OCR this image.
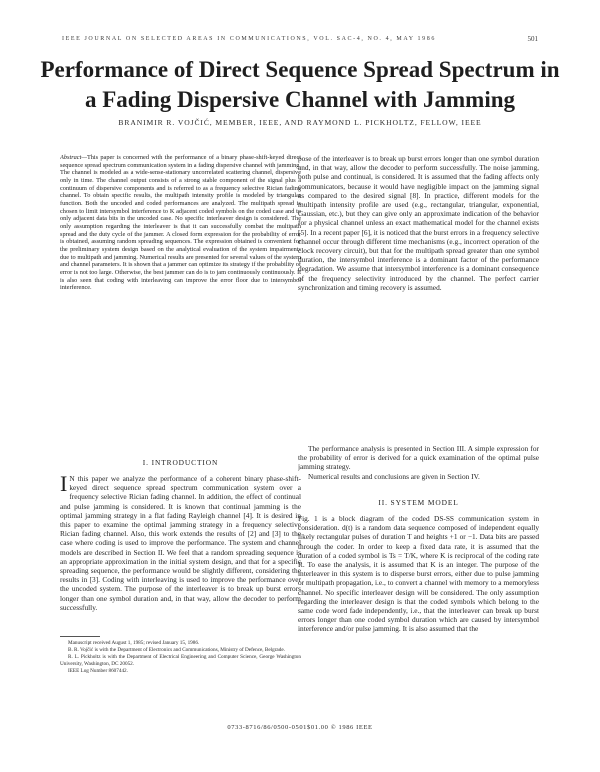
IEEE JOURNAL ON SELECTED AREAS IN COMMUNICATIONS, VOL. SAC-4, NO. 4, MAY 1986	501
Performance of Direct Sequence Spread Spectrum in a Fading Dispersive Channel with Jamming
BRANIMIR R. VOJČIĆ, MEMBER, IEEE, AND RAYMOND L. PICKHOLTZ, FELLOW, IEEE

Abstract—This paper is concerned with the performance of a binary phase-shift-keyed direct sequence spread spectrum communication system in a fading dispersive channel with jamming. The channel is modeled as a wide-sense-stationary uncorrelated scattering channel, dispersive only in time. The channel output consists of a strong stable component of the signal plus a continuum of dispersive components and is referred to as a frequency selective Rician fading channel. To obtain specific results, the multipath intensity profile is modeled by triangular function. Both the uncoded and coded performances are analyzed. The multipath spread is chosen to limit intersymbol interference to K adjacent coded symbols on the coded case and to only adjacent data bits in the uncoded case. No specific interleaver design is considered. The only assumption regarding the interleaver is that it can successfully combat the multipath spread and the duty cycle of the jammer. A closed form expression for the probability of error is obtained, assuming random spreading sequences. The expression obtained is convenient for the preliminary system design based on the analytical evaluation of the system impairments due to multipath and jamming. Numerical results are presented for several values of the system and channel parameters. It is shown that a jammer can optimize its strategy if the probability of error is not too large. Otherwise, the best jammer can do is to jam continuously continuously. It is also seen that coding with interleaving can improve the error floor due to intersymbol interference.

I. INTRODUCTION

I N this paper we analyze the performance of a coherent binary phase-shift-keyed direct sequence spread spectrum communication system over a frequency selective Rician fading channel. In addition, the effect of continual and pulse jamming is considered. It is known that continual jamming is the optimal jamming strategy in a flat fading Rayleigh channel [4]. It is desired in this paper to examine the optimal jamming strategy in a frequency selective Rician fading channel. Also, this work extends the results of [2] and [3] to the case where coding is used to improve the performance. The system and channel models are described in Section II. We feel that a random spreading sequence is an appropriate approximation in the initial system design, and that for a specific spreading sequence, the performance would be slightly different, considering the results in [3]. Coding with interleaving is used to improve the performance over the uncoded system. The purpose of the interleaver is to break up burst errors longer than one symbol duration and, in that way, allow the decoder to perform successfully.

Manuscript received August 1, 1985; revised January 15, 1986.

B. R. Vojčić is with the Department of Electronics and Communications, Ministry of Defence, Belgrade.

R. L. Pickholtz is with the Department of Electrical Engineering and Computer Science, George Washington University, Washington, DC 20052.

IEEE Log Number 8607442.

pose of the interleaver is to break up burst errors longer than one symbol duration and, in that way, allow the decoder to perform successfully. The noise jamming, both pulse and continual, is considered. It is assumed that the fading affects only communicators, because it would have negligible impact on the jamming signal as compared to the desired signal [8]. In practice, different models for the multipath intensity profile are used (e.g., rectangular, triangular, exponential, Gaussian, etc.), but they can give only an approximate indication of the behavior for a physical channel unless an exact mathematical model for the channel exists [5]. In a recent paper [6], it is noticed that the burst errors in a frequency selective channel occur through different time mechanisms (e.g., incorrect operation of the clock recovery circuit), but that for the multipath spread greater than one symbol duration, the intersymbol interference is a dominant factor of the performance degradation. We assume that intersymbol interference is a dominant consequence of the frequency selectivity introduced by the channel. The perfect carrier synchronization and timing recovery is assumed.

The performance analysis is presented in Section III. A simple expression for the probability of error is derived for a quick examination of the optimal pulse jamming strategy.

Numerical results and conclusions are given in Section IV.

II. SYSTEM MODEL

Fig. 1 is a block diagram of the coded DS-SS communication system in consideration. d(t) is a random data sequence composed of independent equally likely rectangular pulses of duration T and heights +1 or −1. Data bits are passed through the coder. In order to keep a fixed data rate, it is assumed that the duration of a coded symbol is Ts = T/K, where K is reciprocal of the coding rate R. To ease the analysis, it is assumed that K is an integer. The purpose of the interleaver in this system is to disperse burst errors, either due to pulse jamming or multipath propagation, i.e., to convert a channel with memory to a memoryless channel. No specific interleaver design will be considered. The only assumption regarding the interleaver design is that the coded symbols which belong to the same code word fade independently, i.e., that the interleaver can break up burst errors longer than one coded symbol duration which are caused by intersymbol interference and/or pulse jamming. It is also assumed that the

0733-8716/86/0500-0501$01.00 © 1986 IEEE
